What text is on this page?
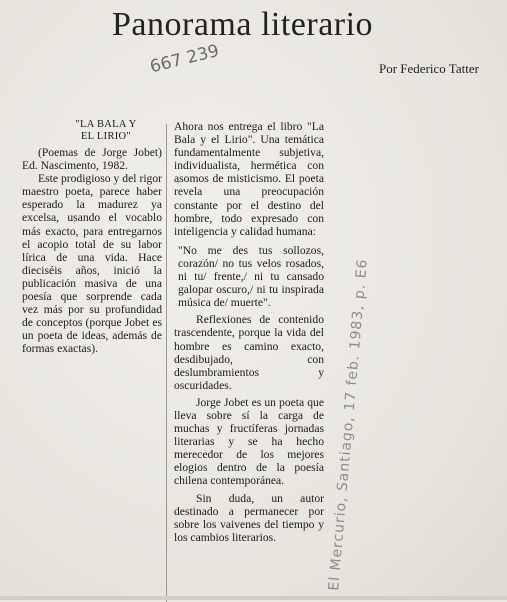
Panorama literario
Por Federico Tatter
667 239
"LA BALA Y
EL LIRIO"

(Poemas de Jorge Jobet) Ed. Nascimento, 1982.

Este prodigioso y del rigor maestro poeta, parece haber esperado la madurez ya excelsa, usando el vocablo más exacto, para entregarnos el acopio total de su labor lírica de una vida. Hace dieciséis años, inició la publicación masiva de una poesía que sorprende cada vez más por su profundidad de conceptos (porque Jobet es un poeta de ideas, además de formas exactas).

Ahora nos entrega el libro "La Bala y el Lirio". Una temática fundamentalmente subjetiva, individualista, hermética con asomos de misticismo. El poeta revela una preocupación constante por el destino del hombre, todo expresado con inteligencia y calidad humana:

"No me des tus sollozos, corazón/ no tus velos rosados, ni tu/ frente,/ ni tu cansado galopar oscuro,/ ni tu inspirada música de/ muerte".

Reflexiones de contenido trascendente, porque la vida del hombre es camino exacto, desdibujado, con deslumbramientos y oscuridades.

Jorge Jobet es un poeta que lleva sobre sí la carga de muchas y fructíferas jornadas literarias y se ha hecho merecedor de los mejores elogios dentro de la poesía chilena contemporánea.

Sin duda, un autor destinado a permanecer por sobre los vaivenes del tiempo y los cambios literarios.	El Mercurio, Santiago, 17 feb. 1983, p. E6
